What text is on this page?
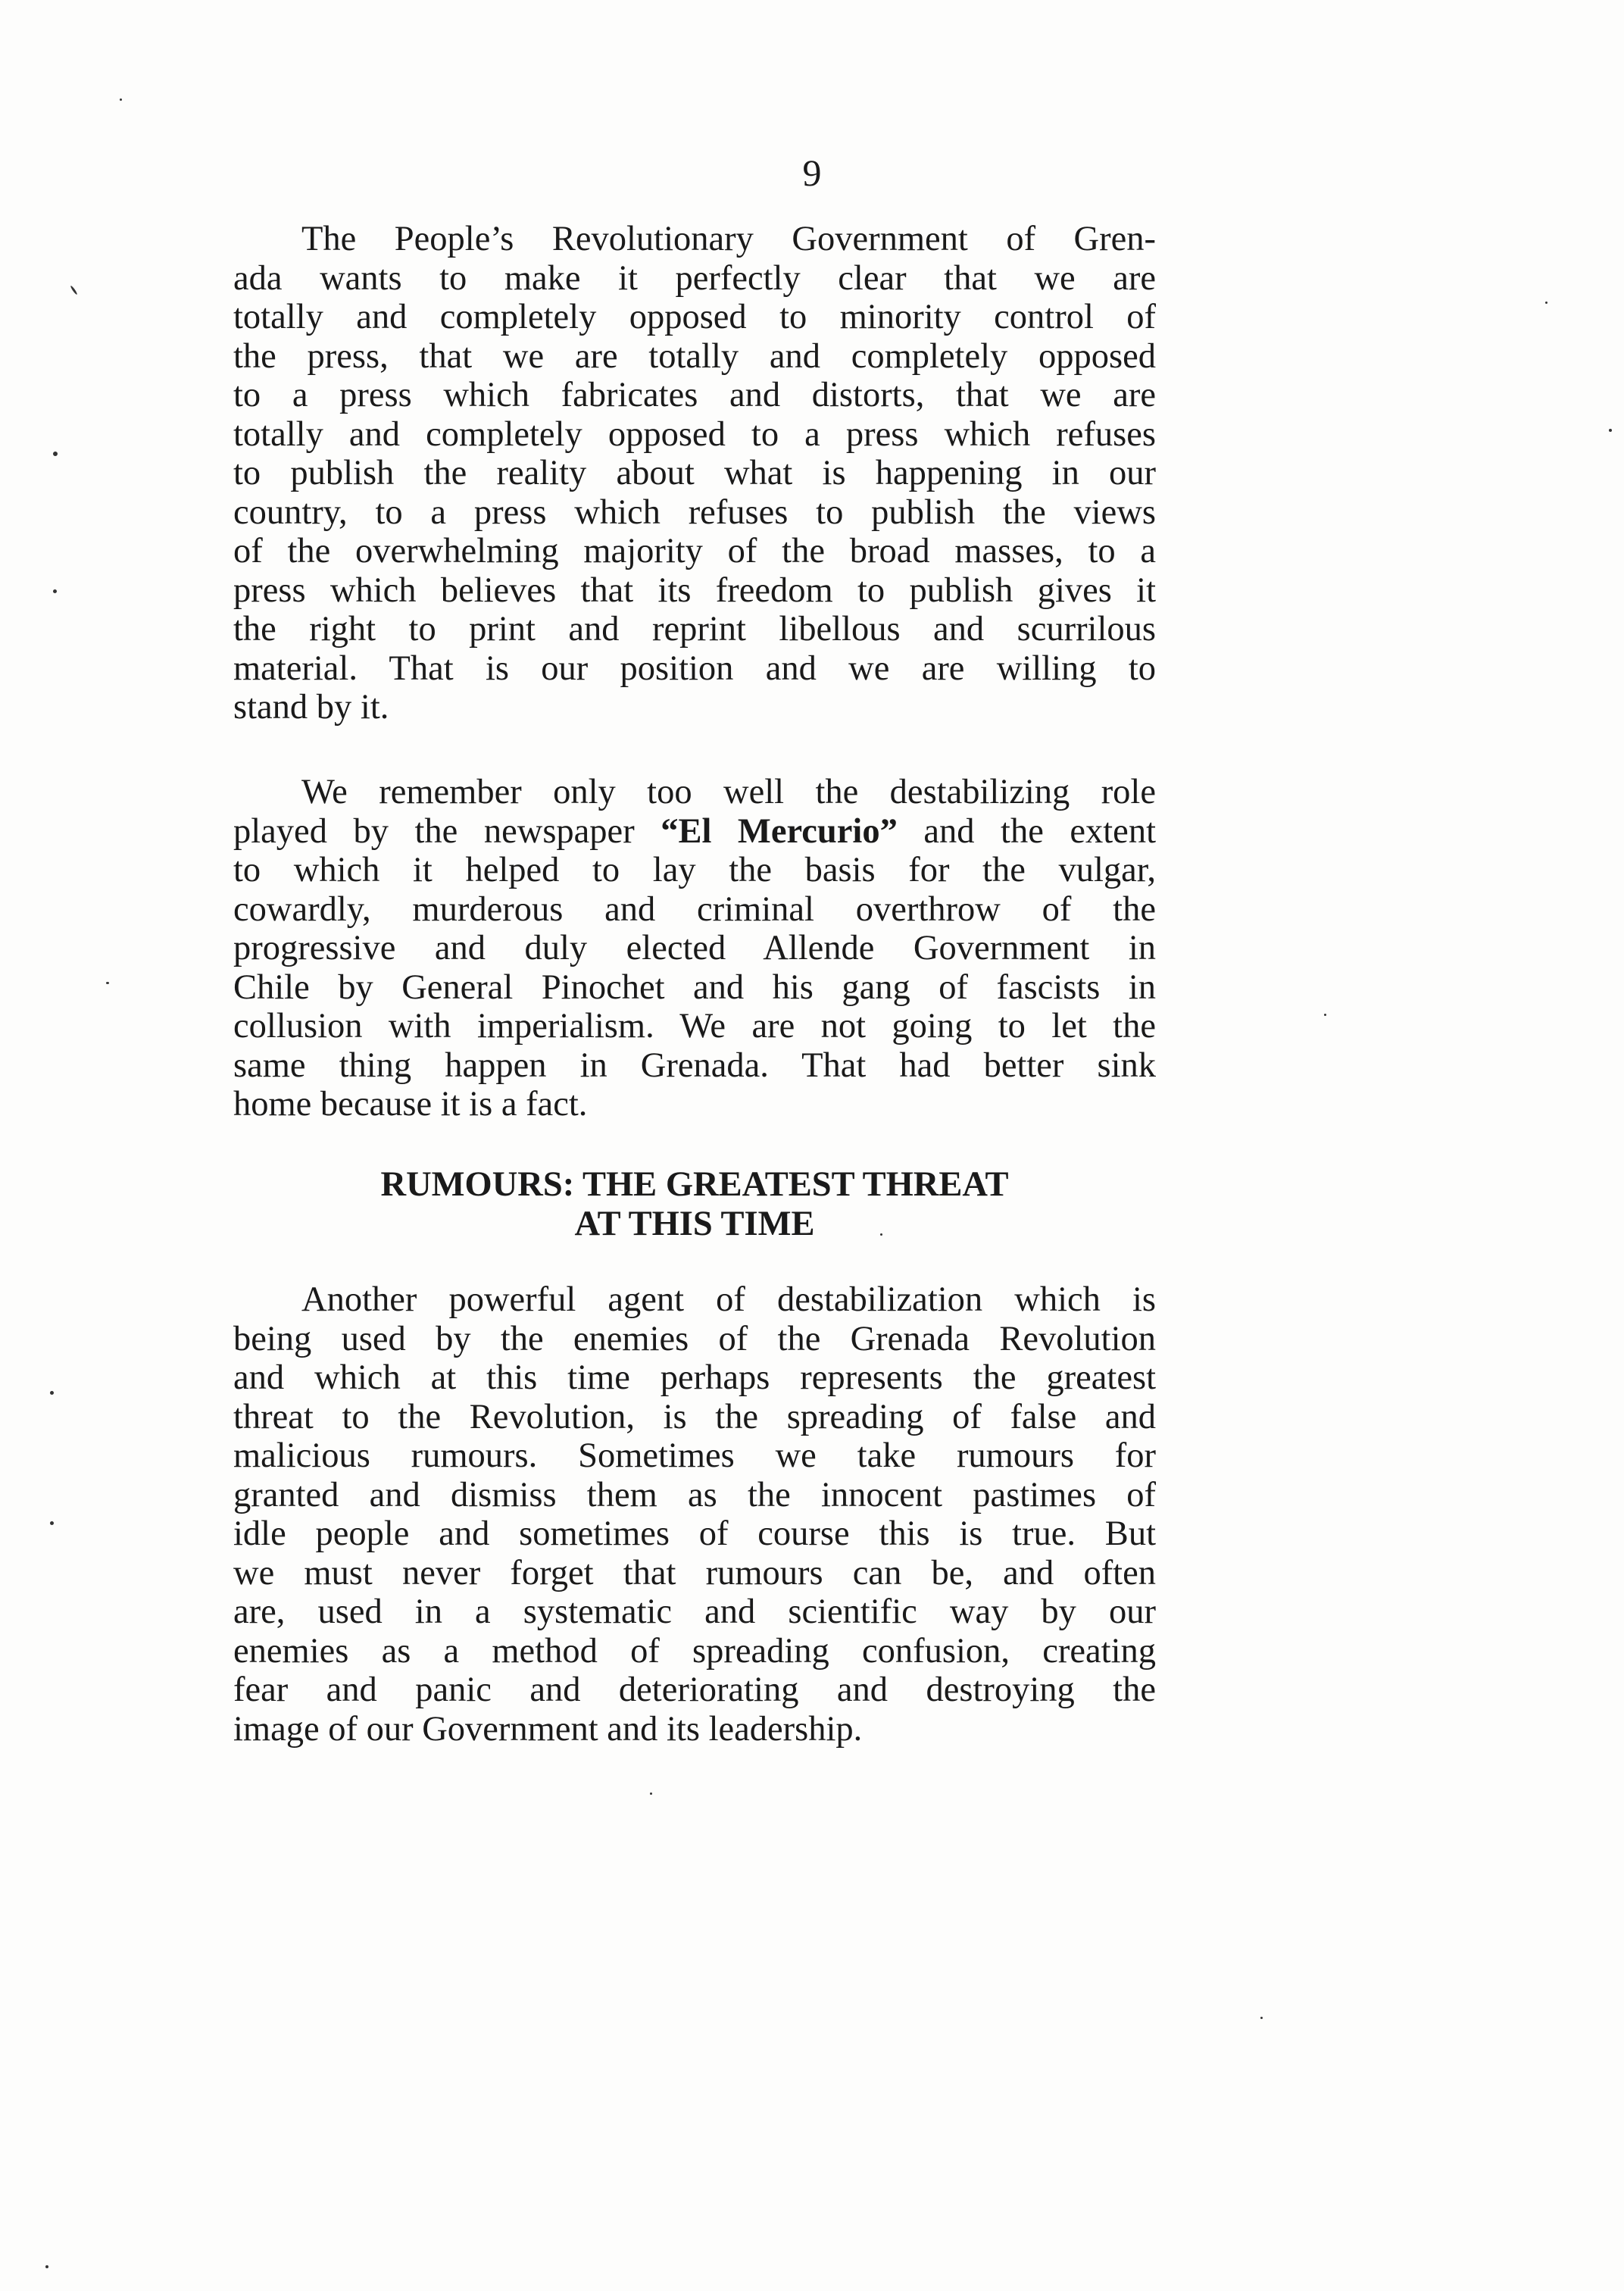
9
The People’s Revolutionary Government of Gren-
ada wants to make it perfectly clear that we are
totally and completely opposed to minority control of
the press, that we are totally and completely opposed
to a press which fabricates and distorts, that we are
totally and completely opposed to a press which refuses
to publish the reality about what is happening in our
country, to a press which refuses to publish the views
of the overwhelming majority of the broad masses, to a
press which believes that its freedom to publish gives it
the right to print and reprint libellous and scurrilous
material. That is our position and we are willing to
stand by it.
We remember only too well the destabilizing role
played by the newspaper “El Mercurio” and the extent
to which it helped to lay the basis for the vulgar,
cowardly, murderous and criminal overthrow of the
progressive and duly elected Allende Government in
Chile by General Pinochet and his gang of fascists in
collusion with imperialism. We are not going to let the
same thing happen in Grenada. That had better sink
home because it is a fact.
RUMOURS: THE GREATEST THREAT
AT THIS TIME
Another powerful agent of destabilization which is
being used by the enemies of the Grenada Revolution
and which at this time perhaps represents the greatest
threat to the Revolution, is the spreading of false and
malicious rumours. Sometimes we take rumours for
granted and dismiss them as the innocent pastimes of
idle people and sometimes of course this is true. But
we must never forget that rumours can be, and often
are, used in a systematic and scientific way by our
enemies as a method of spreading confusion, creating
fear and panic and deteriorating and destroying the
image of our Government and its leadership.
